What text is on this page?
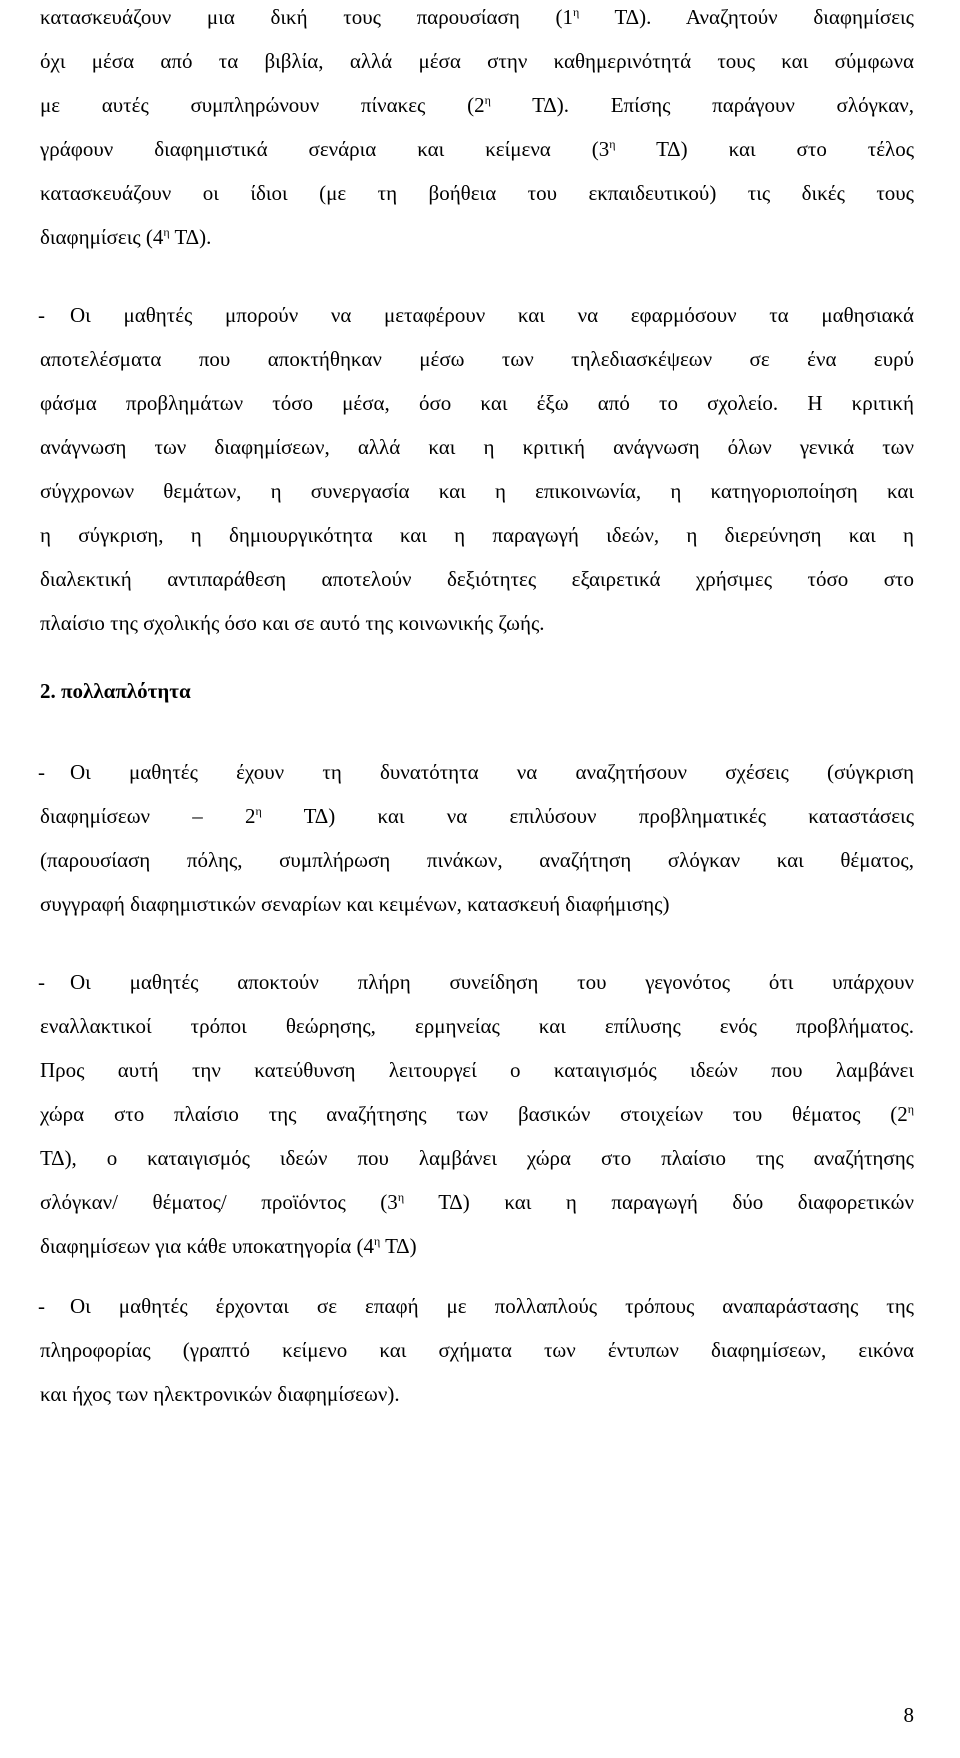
κατασκευάζουν μια δική τους παρουσίαση ($1^\eta$ ΤΔ). Αναζητούν διαφημίσεις
όχι μέσα από τα βιβλία, αλλά μέσα στην καθημερινότητά τους και σύμφωνα
με αυτές συμπληρώνουν πίνακες ($2^\eta$ ΤΔ). Επίσης παράγουν σλόγκαν,
γράφουν διαφημιστικά σενάρια και κείμενα ($3^\eta$ ΤΔ) και στο τέλος
κατασκευάζουν οι ίδιοι (με τη βοήθεια του εκπαιδευτικού) τις δικές τους
διαφημίσεις ($4^\eta$ ΤΔ).
-	Οι μαθητές μπορούν να μεταφέρουν και να εφαρμόσουν τα μαθησιακά
αποτελέσματα που αποκτήθηκαν μέσω των τηλεδιασκέψεων σε ένα ευρύ
φάσμα προβλημάτων τόσο μέσα, όσο και έξω από το σχολείο. Η κριτική
ανάγνωση των διαφημίσεων, αλλά και η κριτική ανάγνωση όλων γενικά των
σύγχρονων θεμάτων, η συνεργασία και η επικοινωνία, η κατηγοριοποίηση και
η σύγκριση, η δημιουργικότητα και η παραγωγή ιδεών, η διερεύνηση και η
διαλεκτική αντιπαράθεση αποτελούν δεξιότητες εξαιρετικά χρήσιμες τόσο στο
πλαίσιο της σχολικής όσο και σε αυτό της κοινωνικής ζωής.
2. πολλαπλότητα
-	Οι μαθητές έχουν τη δυνατότητα να αναζητήσουν σχέσεις (σύγκριση
διαφημίσεων – $2^\eta$ ΤΔ) και να επιλύσουν προβληματικές καταστάσεις
(παρουσίαση πόλης, συμπλήρωση πινάκων, αναζήτηση σλόγκαν και θέματος,
συγγραφή διαφημιστικών σεναρίων και κειμένων, κατασκευή διαφήμισης)
-	Οι μαθητές αποκτούν πλήρη συνείδηση του γεγονότος ότι υπάρχουν
εναλλακτικοί τρόποι θεώρησης, ερμηνείας και επίλυσης ενός προβλήματος.
Προς αυτή την κατεύθυνση λειτουργεί ο καταιγισμός ιδεών που λαμβάνει
χώρα στο πλαίσιο της αναζήτησης των βασικών στοιχείων του θέματος ($2^\eta$
ΤΔ), ο καταιγισμός ιδεών που λαμβάνει χώρα στο πλαίσιο της αναζήτησης
σλόγκαν/ θέματος/ προϊόντος ($3^\eta$ ΤΔ) και η παραγωγή δύο διαφορετικών
διαφημίσεων για κάθε υποκατηγορία ($4^\eta$ ΤΔ)
-	Οι μαθητές έρχονται σε επαφή με πολλαπλούς τρόπους αναπαράστασης της
πληροφορίας (γραπτό κείμενο και σχήματα των έντυπων διαφημίσεων, εικόνα
και ήχος των ηλεκτρονικών διαφημίσεων).
8
